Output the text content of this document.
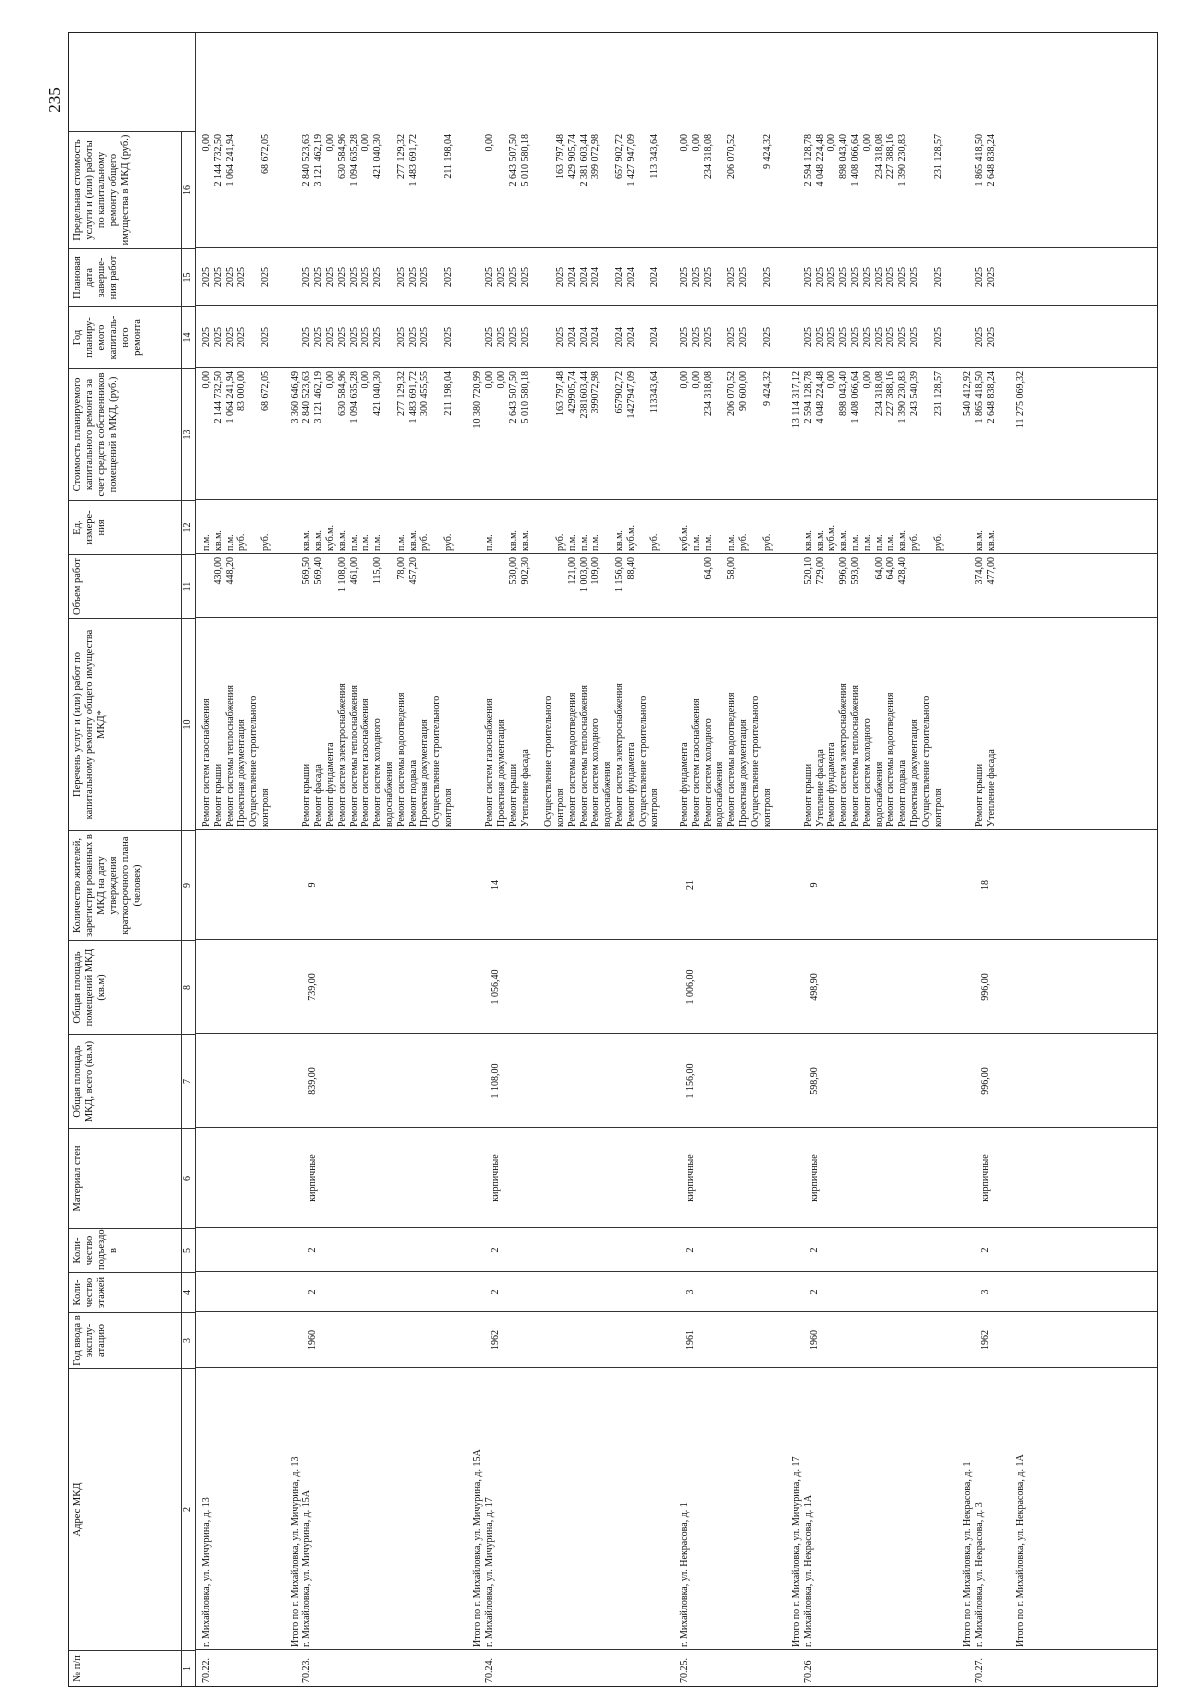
235
№ п/п
Адрес МКД
Год ввода в эксплу-атацию
Коли-чество этажей
Коли-чество подъездо в
Материал стен
Общая площадь МКД, всего (кв.м)
Общая площадь помещений МКД (кв.м)
Количество жителей, зарегистри рованных в МКД на дату утверждения краткосрочного плана (человек)
Перечень услуг и (или) работ по капитальному ремонту общего имущества МКД*
Объем работ
Ед. измере-ния
Стоимость планируемого капитального ремонта за счет средств собственников помещений в МКД, (руб.)
Год планиру-емого капиталь-ного ремонта
Плановая дата заверше-ния работ
Предельная стоимость услуги и (или) работы по капитальному ремонту общего имущества в МКД (руб.)
1
2
3
4
5
6
7
8
9
10
11
12
13
14
15
16
70.22.
г. Михайловка, ул. Мичурина, д. 13
Ремонт систем газоснабжения Ремонт крыши Ремонт системы теплоснабжения Проектная документация Осуществление строительного контроля
430,00 448,20
п.м. кв.м. п.м. руб. руб.
0,00 2 144 732,50 1 064 241,94 83 000,00 68 672,05
2025 2025 2025 2025 2025
2025 2025 2025 2025 2025
0,00 2 144 732,50 1 064 241,94 68 672,05
Итого по г. Михайловка, ул. Мичурина, д. 13
3 360 646,49
70.23.
г. Михайловка, ул. Мичурина, д. 15А
1960
2
2
кирпичные
839,00
739,00
9
Ремонт крыши Ремонт фасада Ремонт фундамента Ремонт систем электроснабжения Ремонт системы теплоснабжения Ремонт систем газоснабжения Ремонт систем холодного водоснабжения Ремонт системы водоотведения Ремонт подвала Проектная документация Осуществление строительного контроля
569,50 569,40 1 108,00 461,00 115,00 78,00 457,20
кв.м. кв.м. куб.м. кв.м. п.м. п.м. п.м. п.м. кв.м. руб. руб.
2 840 523,63 3 121 462,19 0,00 630 584,96 1 094 635,28 0,00 421 040,30 277 129,32 1 483 691,72 300 455,55 211 198,04
2025 2025 2025 2025 2025 2025 2025 2025 2025 2025 2025
2025 2025 2025 2025 2025 2025 2025 2025 2025 2025 2025
2 840 523,63 3 121 462,19 0,00 630 584,96 1 094 635,28 0,00 421 040,30 277 129,32 1 483 691,72 211 198,04
Итого по г. Михайловка, ул. Мичурина, д. 15А
10 380 720,99
70.24.
г. Михайловка, ул. Мичурина, д. 17
1962
2
2
кирпичные
1 108,00
1 056,40
14
Ремонт систем газоснабжения Проектная документация Ремонт крыши Утепление фасада Осуществление строительного контроля Ремонт системы водоотведения Ремонт системы теплоснабжения Ремонт систем холодного водоснабжения Ремонт систем электроснабжения Ремонт фундамента Осуществление строительного контроля
530,00 902,30	121,00 1 003,00 109,00 1 156,00 88,40
п.м. кв.м. кв.м. руб. п.м. п.м. п.м. кв.м. куб.м. руб.
0,00 0,00 2 643 507,50 5 010 580,18 163 797,48 429905,74 2381603,44 399072,98 657902,72 1427947,09 113343,64
2025 2025 2025 2025 2025 2024 2024 2024 2024 2024 2024
2025 2025 2025 2025 2025 2024 2024 2024 2024 2024 2024
0,00 2 643 507,50 5 010 580,18 163 797,48 429 905,74 2 381 603,44 399 072,98 657 902,72 1 427 947,09 113 343,64
70.25.
г. Михайловка, ул. Некрасова, д. 1
1961
3
2
кирпичные
1 156,00
1 006,00
21
Ремонт фундамента Ремонт систем газоснабжения Ремонт систем холодного водоснабжения Ремонт системы водоотведения Проектная документация Осуществление строительного контроля
64,00 58,00
куб.м. п.м. п.м. п.м. руб. руб.
0,00 0,00 234 318,08 206 070,52 90 600,00 9 424,32
2025 2025 2025 2025 2025 2025
2025 2025 2025 2025 2025 2025
0,00 0,00 234 318,08 206 070,52 9 424,32
Итого по г. Михайловка, ул. Мичурина, д. 17
13 114 317,12
70.26
г. Михайловка, ул. Некрасова, д. 1А
1960
2
2
кирпичные
598,90
498,90
9
Ремонт крыши Утепление фасада Ремонт фундамента Ремонт систем электроснабжения Ремонт системы теплоснабжения Ремонт систем холодного водоснабжения Ремонт системы водоотведения Ремонт подвала Проектная документация Осуществление строительного контроля
520,10 729,00 996,00 593,00 64,00 64,00 428,40
кв.м. кв.м. куб.м. кв.м. п.м. п.м. п.м. п.м. кв.м. руб. руб.
2 594 128,78 4 048 224,48 0,00 898 043,40 1 408 066,64 0,00 234 318,08 227 388,16 1 390 230,83 243 540,39 231 128,57
2025 2025 2025 2025 2025 2025 2025 2025 2025 2025 2025
2025 2025 2025 2025 2025 2025 2025 2025 2025 2025 2025
2 594 128,78 4 048 224,48 0,00 898 043,40 1 408 066,64 0,00 234 318,08 227 388,16 1 390 230,83 231 128,57
Итого по г. Михайловка, ул. Некрасова, д. 1
540 412,92
70.27.
г. Михайловка, ул. Некрасова, д. 3
1962
3
2
кирпичные
996,00
996,00
18
Ремонт крыши Утепление фасада
374,00 477,00
кв.м. кв.м.
1 865 418,50 2 648 838,24
2025 2025
2025 2025
1 865 418,50 2 648 838,24
Итого по г. Михайловка, ул. Некрасова, д. 1А
11 275 069,32
